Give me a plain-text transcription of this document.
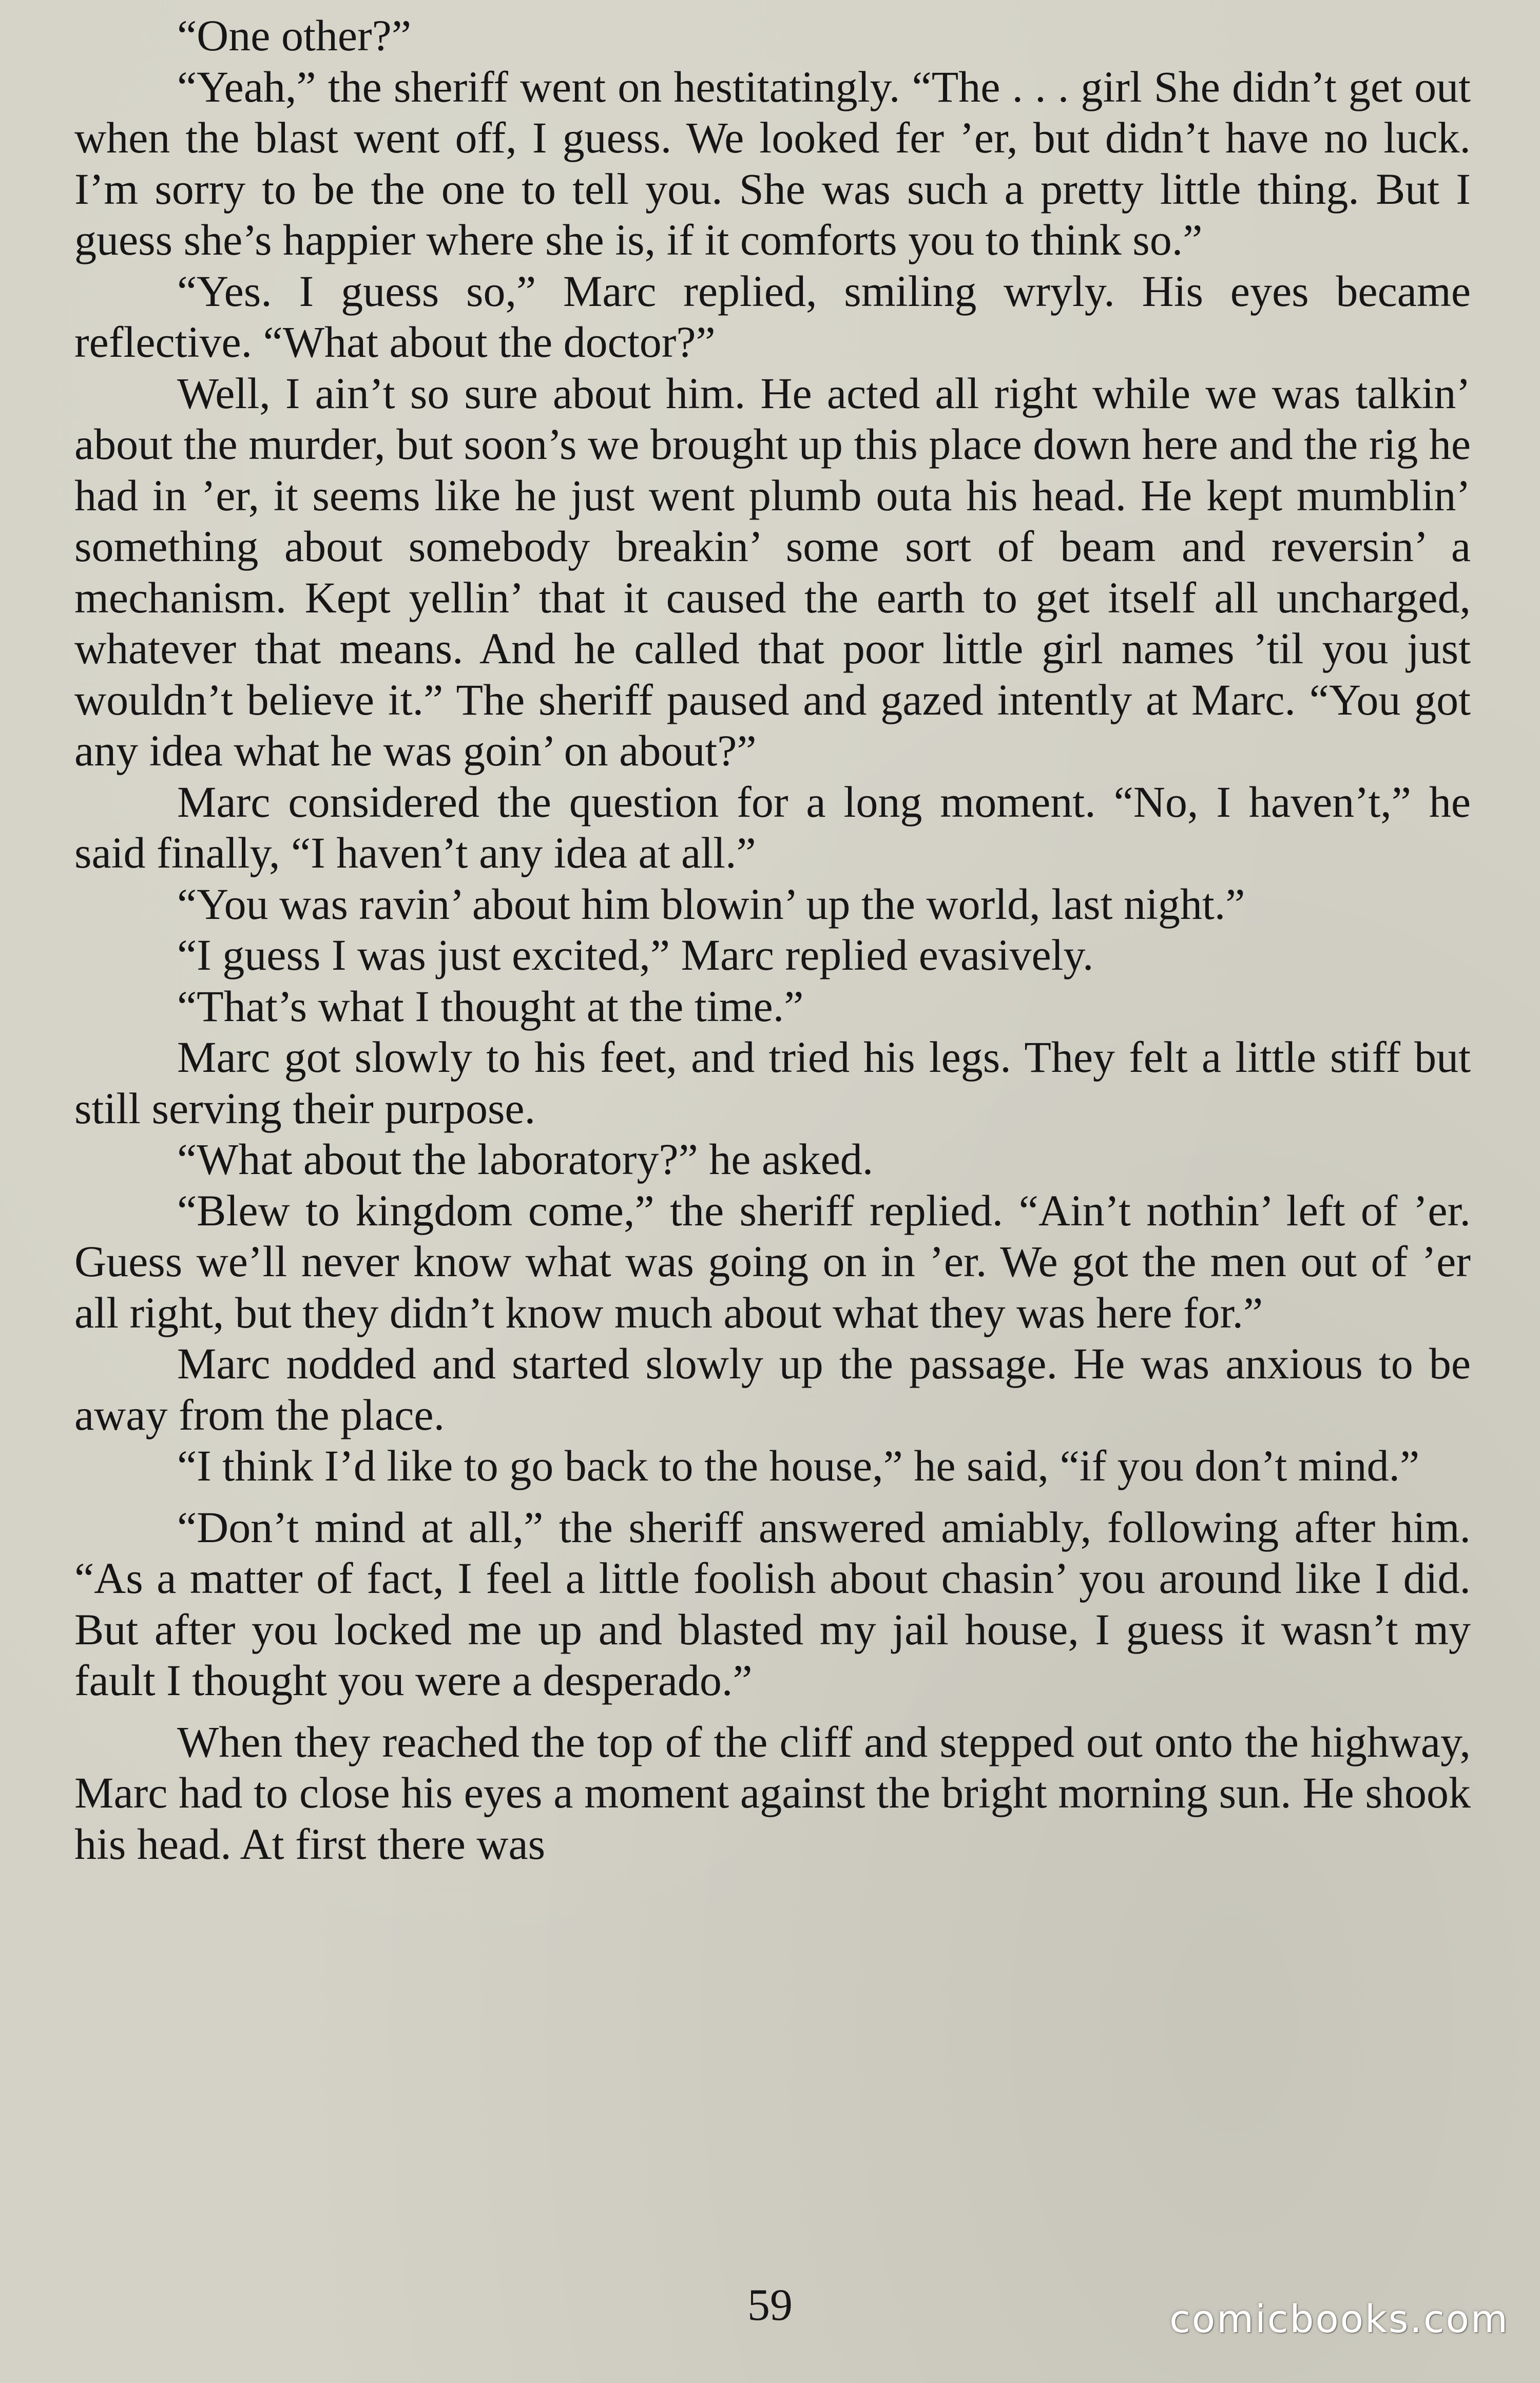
“One other?”

“Yeah,” the sheriff went on hestitatingly. “The . . . girl She didn’t get out when the blast went off, I guess. We looked fer ’er, but didn’t have no luck. I’m sorry to be the one to tell you. She was such a pretty little thing. But I guess she’s happier where she is, if it comforts you to think so.”

“Yes. I guess so,” Marc replied, smiling wryly. His eyes became reflective. “What about the doctor?”

Well, I ain’t so sure about him. He acted all right while we was talkin’ about the murder, but soon’s we brought up this place down here and the rig he had in ’er, it seems like he just went plumb outa his head. He kept mumblin’ something about somebody breakin’ some sort of beam and reversin’ a mechanism. Kept yellin’ that it caused the earth to get itself all uncharged, whatever that means. And he called that poor little girl names ’til you just wouldn’t believe it.” The sheriff paused and gazed intently at Marc. “You got any idea what he was goin’ on about?”

Marc considered the question for a long moment. “No, I haven’t,” he said finally, “I haven’t any idea at all.”

“You was ravin’ about him blowin’ up the world, last night.”

“I guess I was just excited,” Marc replied evasively.

“That’s what I thought at the time.”

Marc got slowly to his feet, and tried his legs. They felt a little stiff but still serving their purpose.

“What about the laboratory?” he asked.

“Blew to kingdom come,” the sheriff replied. “Ain’t nothin’ left of ’er. Guess we’ll never know what was going on in ’er. We got the men out of ’er all right, but they didn’t know much about what they was here for.”

Marc nodded and started slowly up the passage. He was anxious to be away from the place.

“I think I’d like to go back to the house,” he said, “if you don’t mind.”

“Don’t mind at all,” the sheriff answered amiably, following after him. “As a matter of fact, I feel a little foolish about chasin’ you around like I did. But after you locked me up and blasted my jail house, I guess it wasn’t my fault I thought you were a desperado.”

When they reached the top of the cliff and stepped out onto the highway, Marc had to close his eyes a moment against the bright morning sun. He shook his head. At first there was

59	comicbooks.com
